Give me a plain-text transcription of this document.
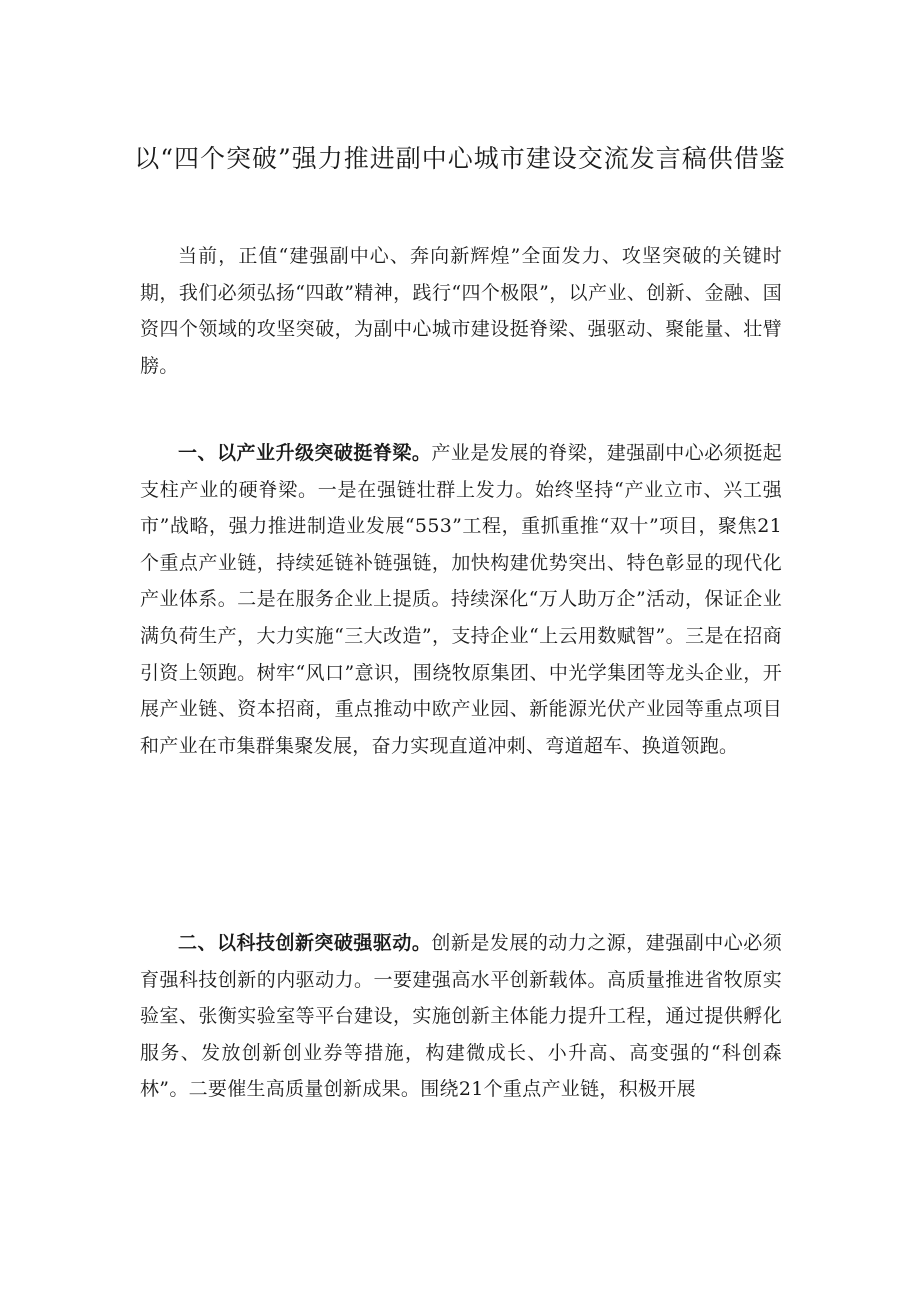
以“四个突破”强力推进副中心城市建设交流发言稿供借鉴

当前，正值“建强副中心、奔向新辉煌”全面发力、攻坚突破的关键时期，我们必须弘扬“四敢”精神，践行“四个极限”，以产业、创新、金融、国资四个领域的攻坚突破，为副中心城市建设挺脊梁、强驱动、聚能量、壮臂膀。

一、以产业升级突破挺脊梁。产业是发展的脊梁，建强副中心必须挺起支柱产业的硬脊梁。一是在强链壮群上发力。始终坚持“产业立市、兴工强市”战略，强力推进制造业发展“553”工程，重抓重推“双十”项目，聚焦21个重点产业链，持续延链补链强链，加快构建优势突出、特色彰显的现代化产业体系。二是在服务企业上提质。持续深化“万人助万企”活动，保证企业满负荷生产，大力实施“三大改造”，支持企业“上云用数赋智”。三是在招商引资上领跑。树牢“风口”意识，围绕牧原集团、中光学集团等龙头企业，开展产业链、资本招商，重点推动中欧产业园、新能源光伏产业园等重点项目和产业在市集群集聚发展，奋力实现直道冲刺、弯道超车、换道领跑。

二、以科技创新突破强驱动。创新是发展的动力之源，建强副中心必须育强科技创新的内驱动力。一要建强高水平创新载体。高质量推进省牧原实验室、张衡实验室等平台建设，实施创新主体能力提升工程，通过提供孵化服务、发放创新创业券等措施，构建微成长、小升高、高变强的“科创森林”。二要催生高质量创新成果。围绕21个重点产业链，积极开展
